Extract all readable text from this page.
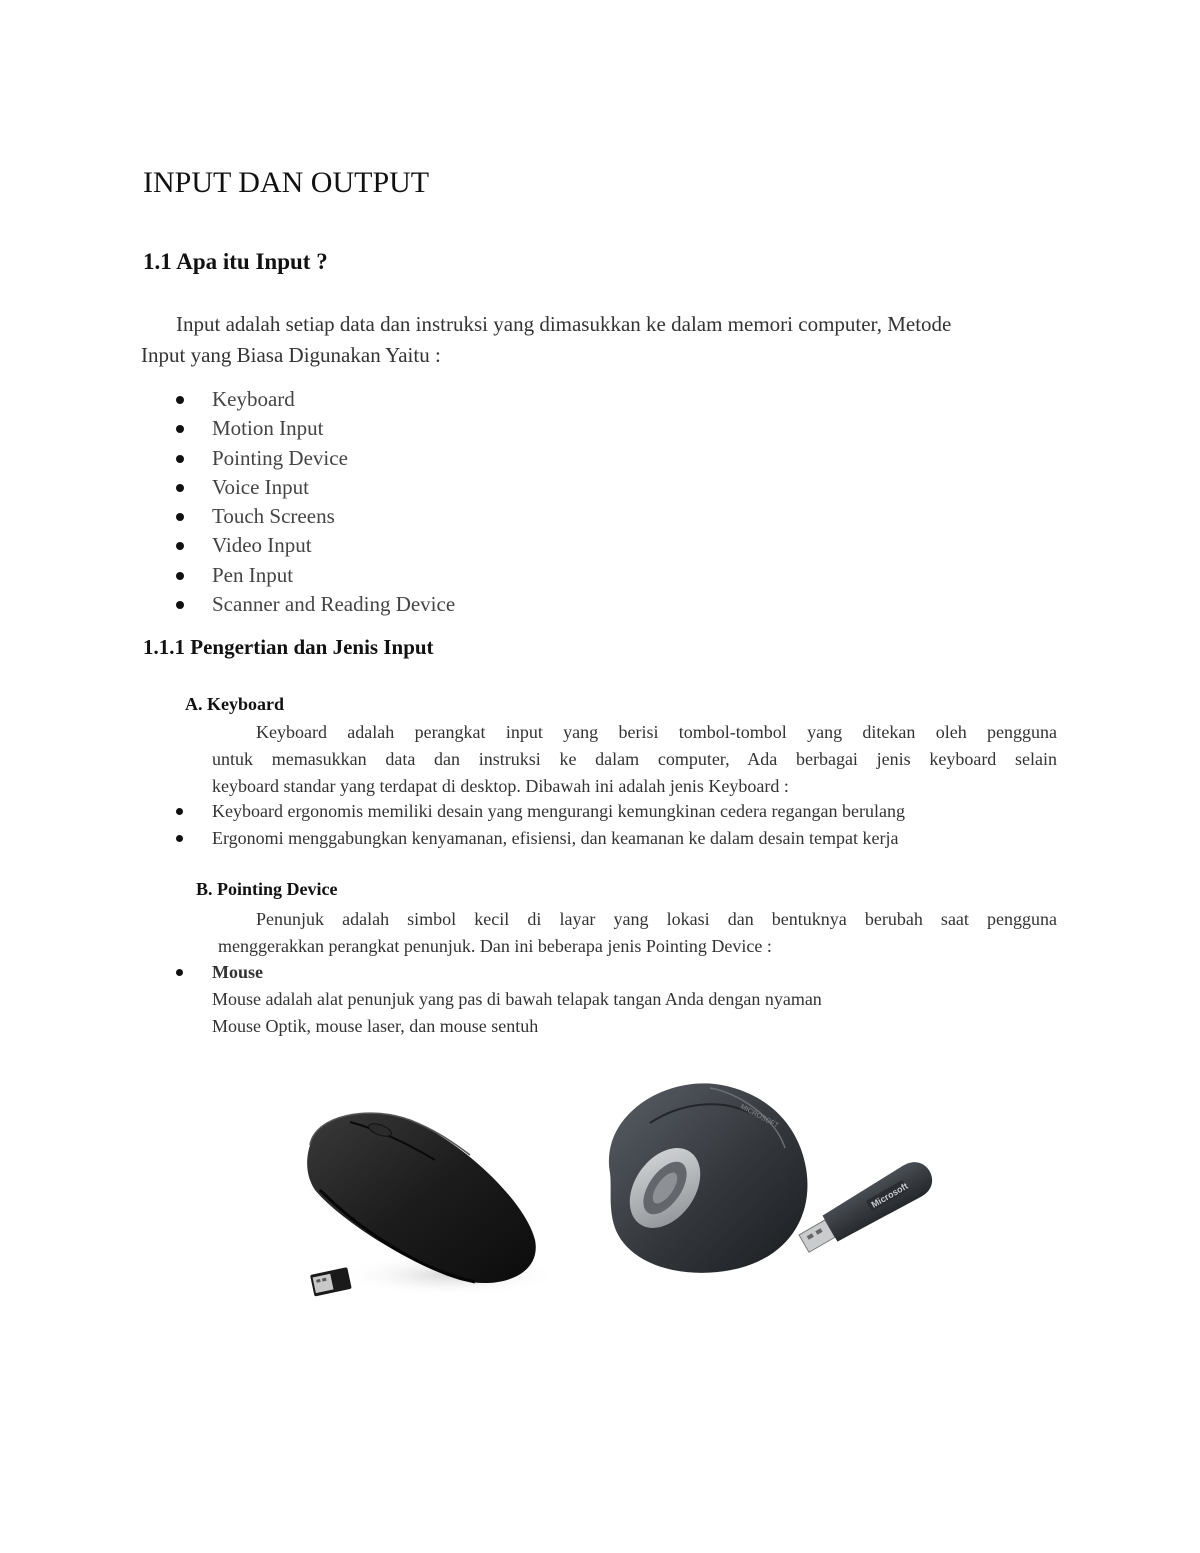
INPUT DAN OUTPUT
1.1 Apa itu Input ?

Input adalah setiap data dan instruksi yang dimasukkan ke dalam memori computer, Metode

Input yang Biasa Digunakan Yaitu :

Keyboard
Motion Input
Pointing Device
Voice Input
Touch Screens
Video Input
Pen Input
Scanner and Reading Device
1.1.1 Pengertian dan Jenis Input
A. Keyboard
Keyboard adalah perangkat input yang berisi tombol-tombol yang ditekan oleh pengguna
untuk memasukkan data dan instruksi ke dalam computer, Ada berbagai jenis keyboard selain
keyboard standar yang terdapat di desktop. Dibawah ini adalah jenis Keyboard :
Keyboard ergonomis memiliki desain yang mengurangi kemungkinan cedera regangan berulang
Ergonomi menggabungkan kenyamanan, efisiensi, dan keamanan ke dalam desain tempat kerja
B. Pointing Device
Penunjuk adalah simbol kecil di layar yang lokasi dan bentuknya berubah saat pengguna
menggerakkan perangkat penunjuk. Dan ini beberapa jenis Pointing Device :
Mouse
Mouse adalah alat penunjuk yang pas di bawah telapak tangan Anda dengan nyaman
Mouse Optik, mouse laser, dan mouse sentuh
MICROSOFT
Microsoft
